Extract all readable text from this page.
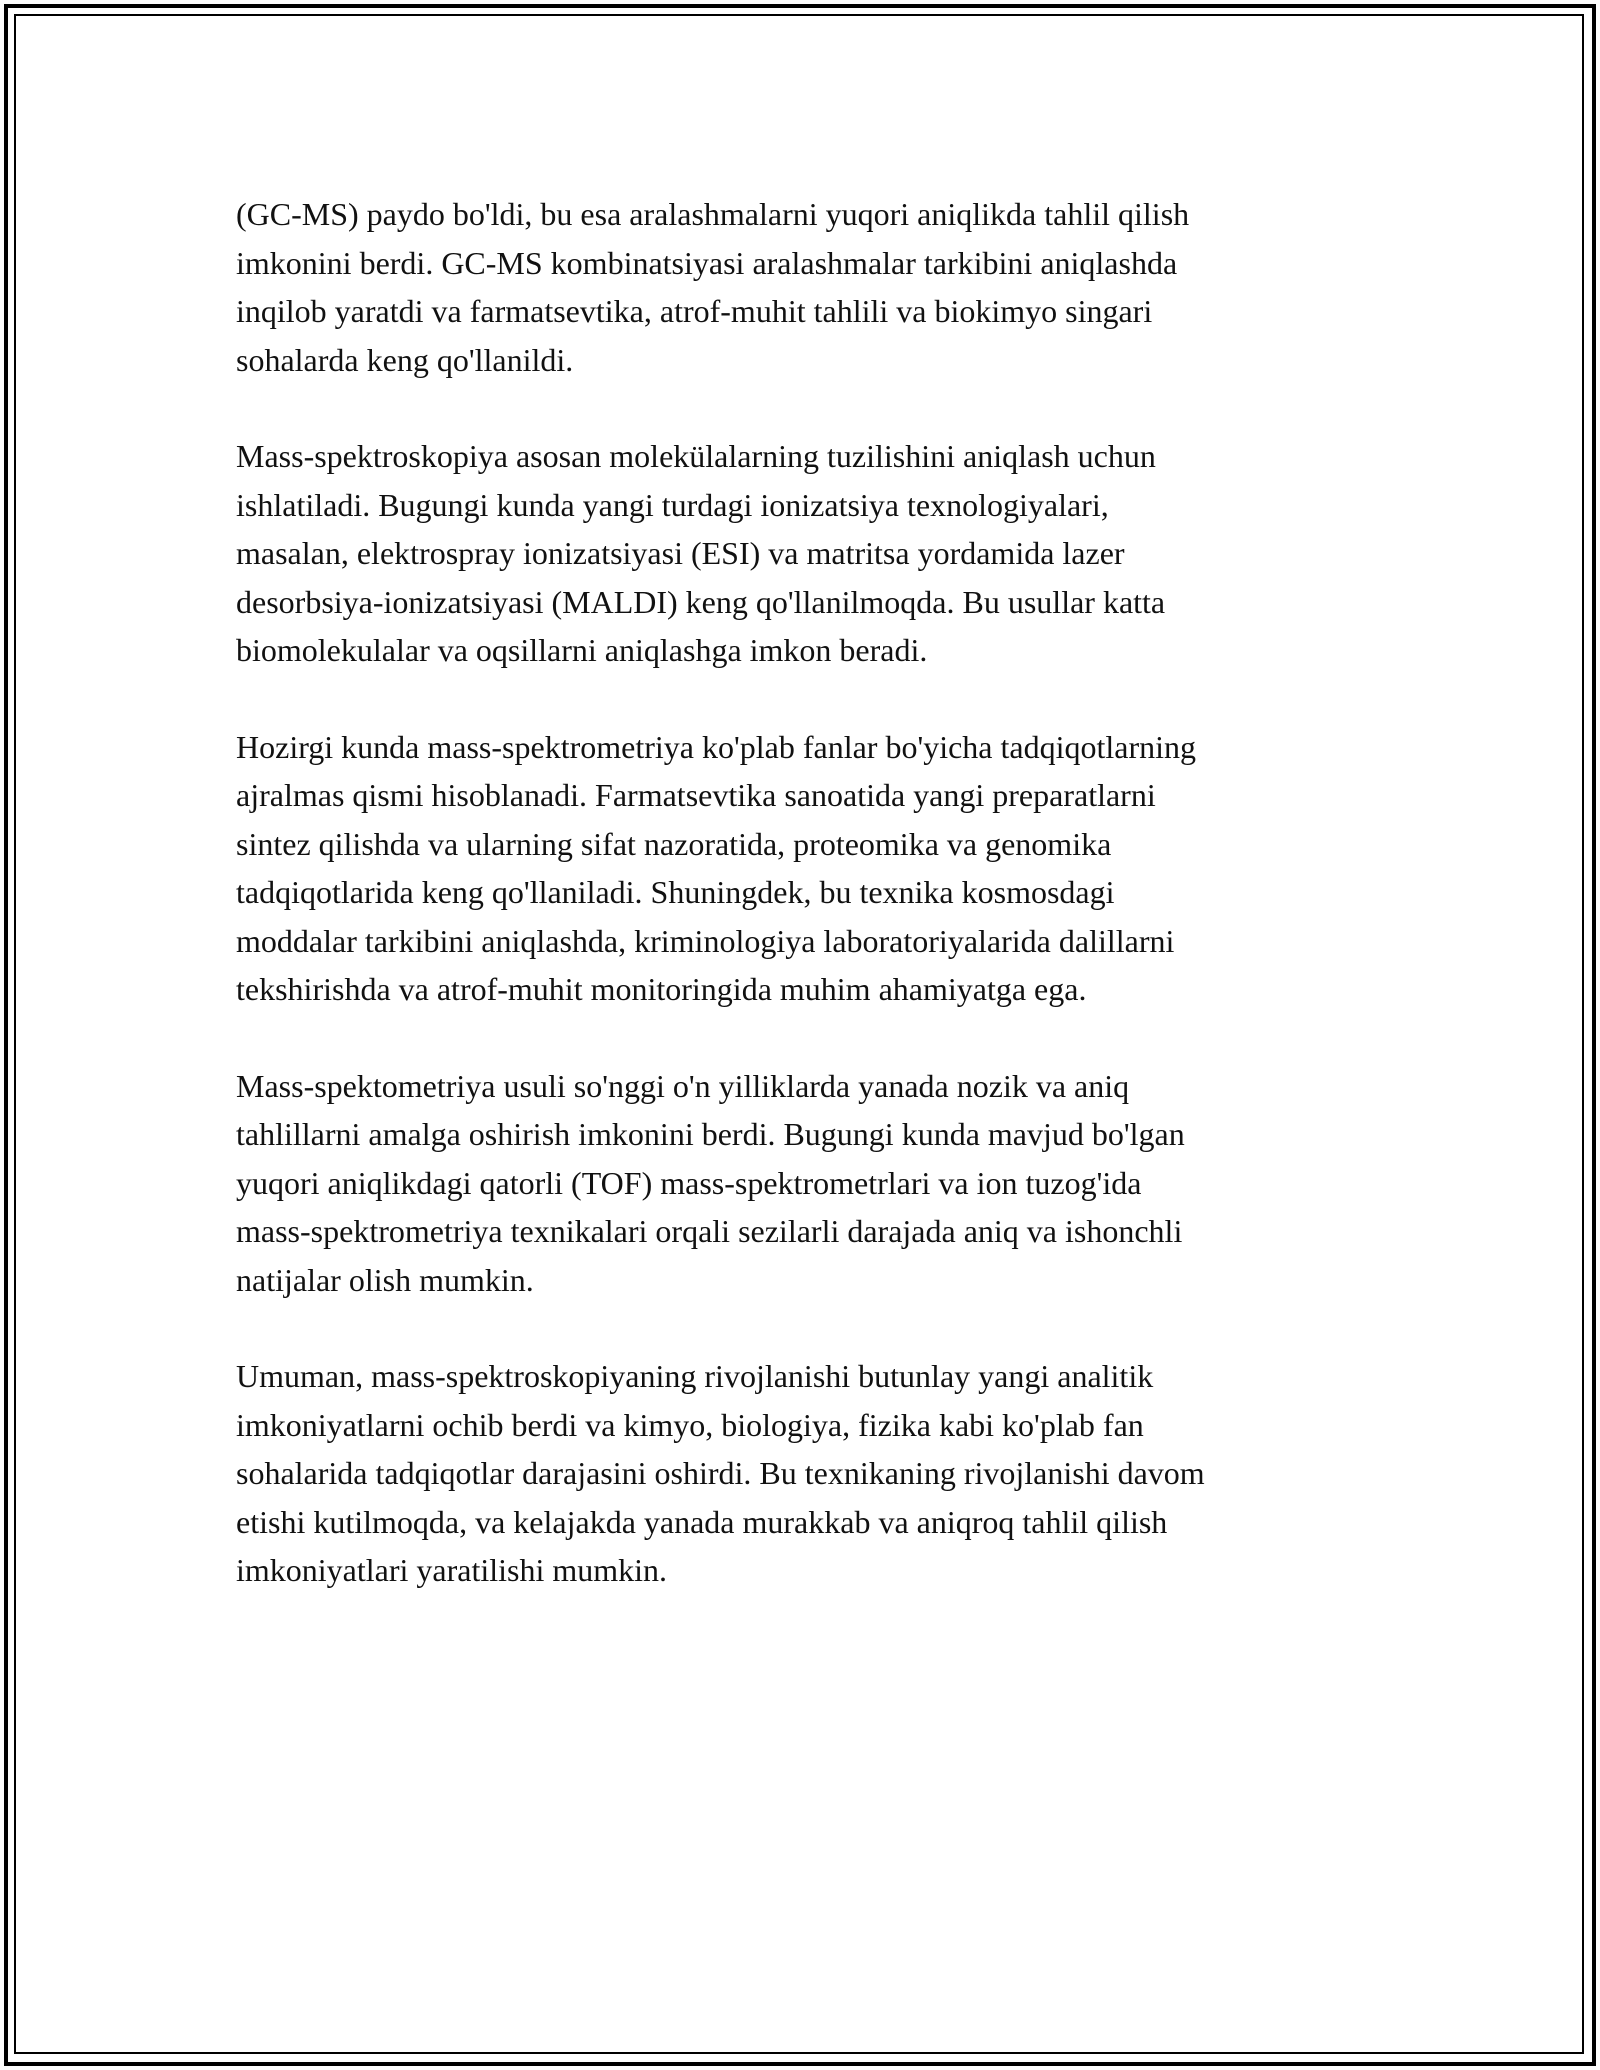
(GC-MS) paydo bo'ldi, bu esa aralashmalarni yuqori aniqlikda tahlil qilish
imkonini berdi. GC-MS kombinatsiyasi aralashmalar tarkibini aniqlashda
inqilob yaratdi va farmatsevtika, atrof-muhit tahlili va biokimyo singari
sohalarda keng qo'llanildi.

Mass-spektroskopiya asosan molekülalarning tuzilishini aniqlash uchun
ishlatiladi. Bugungi kunda yangi turdagi ionizatsiya texnologiyalari,
masalan, elektrospray ionizatsiyasi (ESI) va matritsa yordamida lazer
desorbsiya-ionizatsiyasi (MALDI) keng qo'llanilmoqda. Bu usullar katta
biomolekulalar va oqsillarni aniqlashga imkon beradi.

Hozirgi kunda mass-spektrometriya ko'plab fanlar bo'yicha tadqiqotlarning
ajralmas qismi hisoblanadi. Farmatsevtika sanoatida yangi preparatlarni
sintez qilishda va ularning sifat nazoratida, proteomika va genomika
tadqiqotlarida keng qo'llaniladi. Shuningdek, bu texnika kosmosdagi
moddalar tarkibini aniqlashda, kriminologiya laboratoriyalarida dalillarni
tekshirishda va atrof-muhit monitoringida muhim ahamiyatga ega.

Mass-spektometriya usuli so'nggi o'n yilliklarda yanada nozik va aniq
tahlillarni amalga oshirish imkonini berdi. Bugungi kunda mavjud bo'lgan
yuqori aniqlikdagi qatorli (TOF) mass-spektrometrlari va ion tuzog'ida
mass-spektrometriya texnikalari orqali sezilarli darajada aniq va ishonchli
natijalar olish mumkin.

Umuman, mass-spektroskopiyaning rivojlanishi butunlay yangi analitik
imkoniyatlarni ochib berdi va kimyo, biologiya, fizika kabi ko'plab fan
sohalarida tadqiqotlar darajasini oshirdi. Bu texnikaning rivojlanishi davom
etishi kutilmoqda, va kelajakda yanada murakkab va aniqroq tahlil qilish
imkoniyatlari yaratilishi mumkin.
